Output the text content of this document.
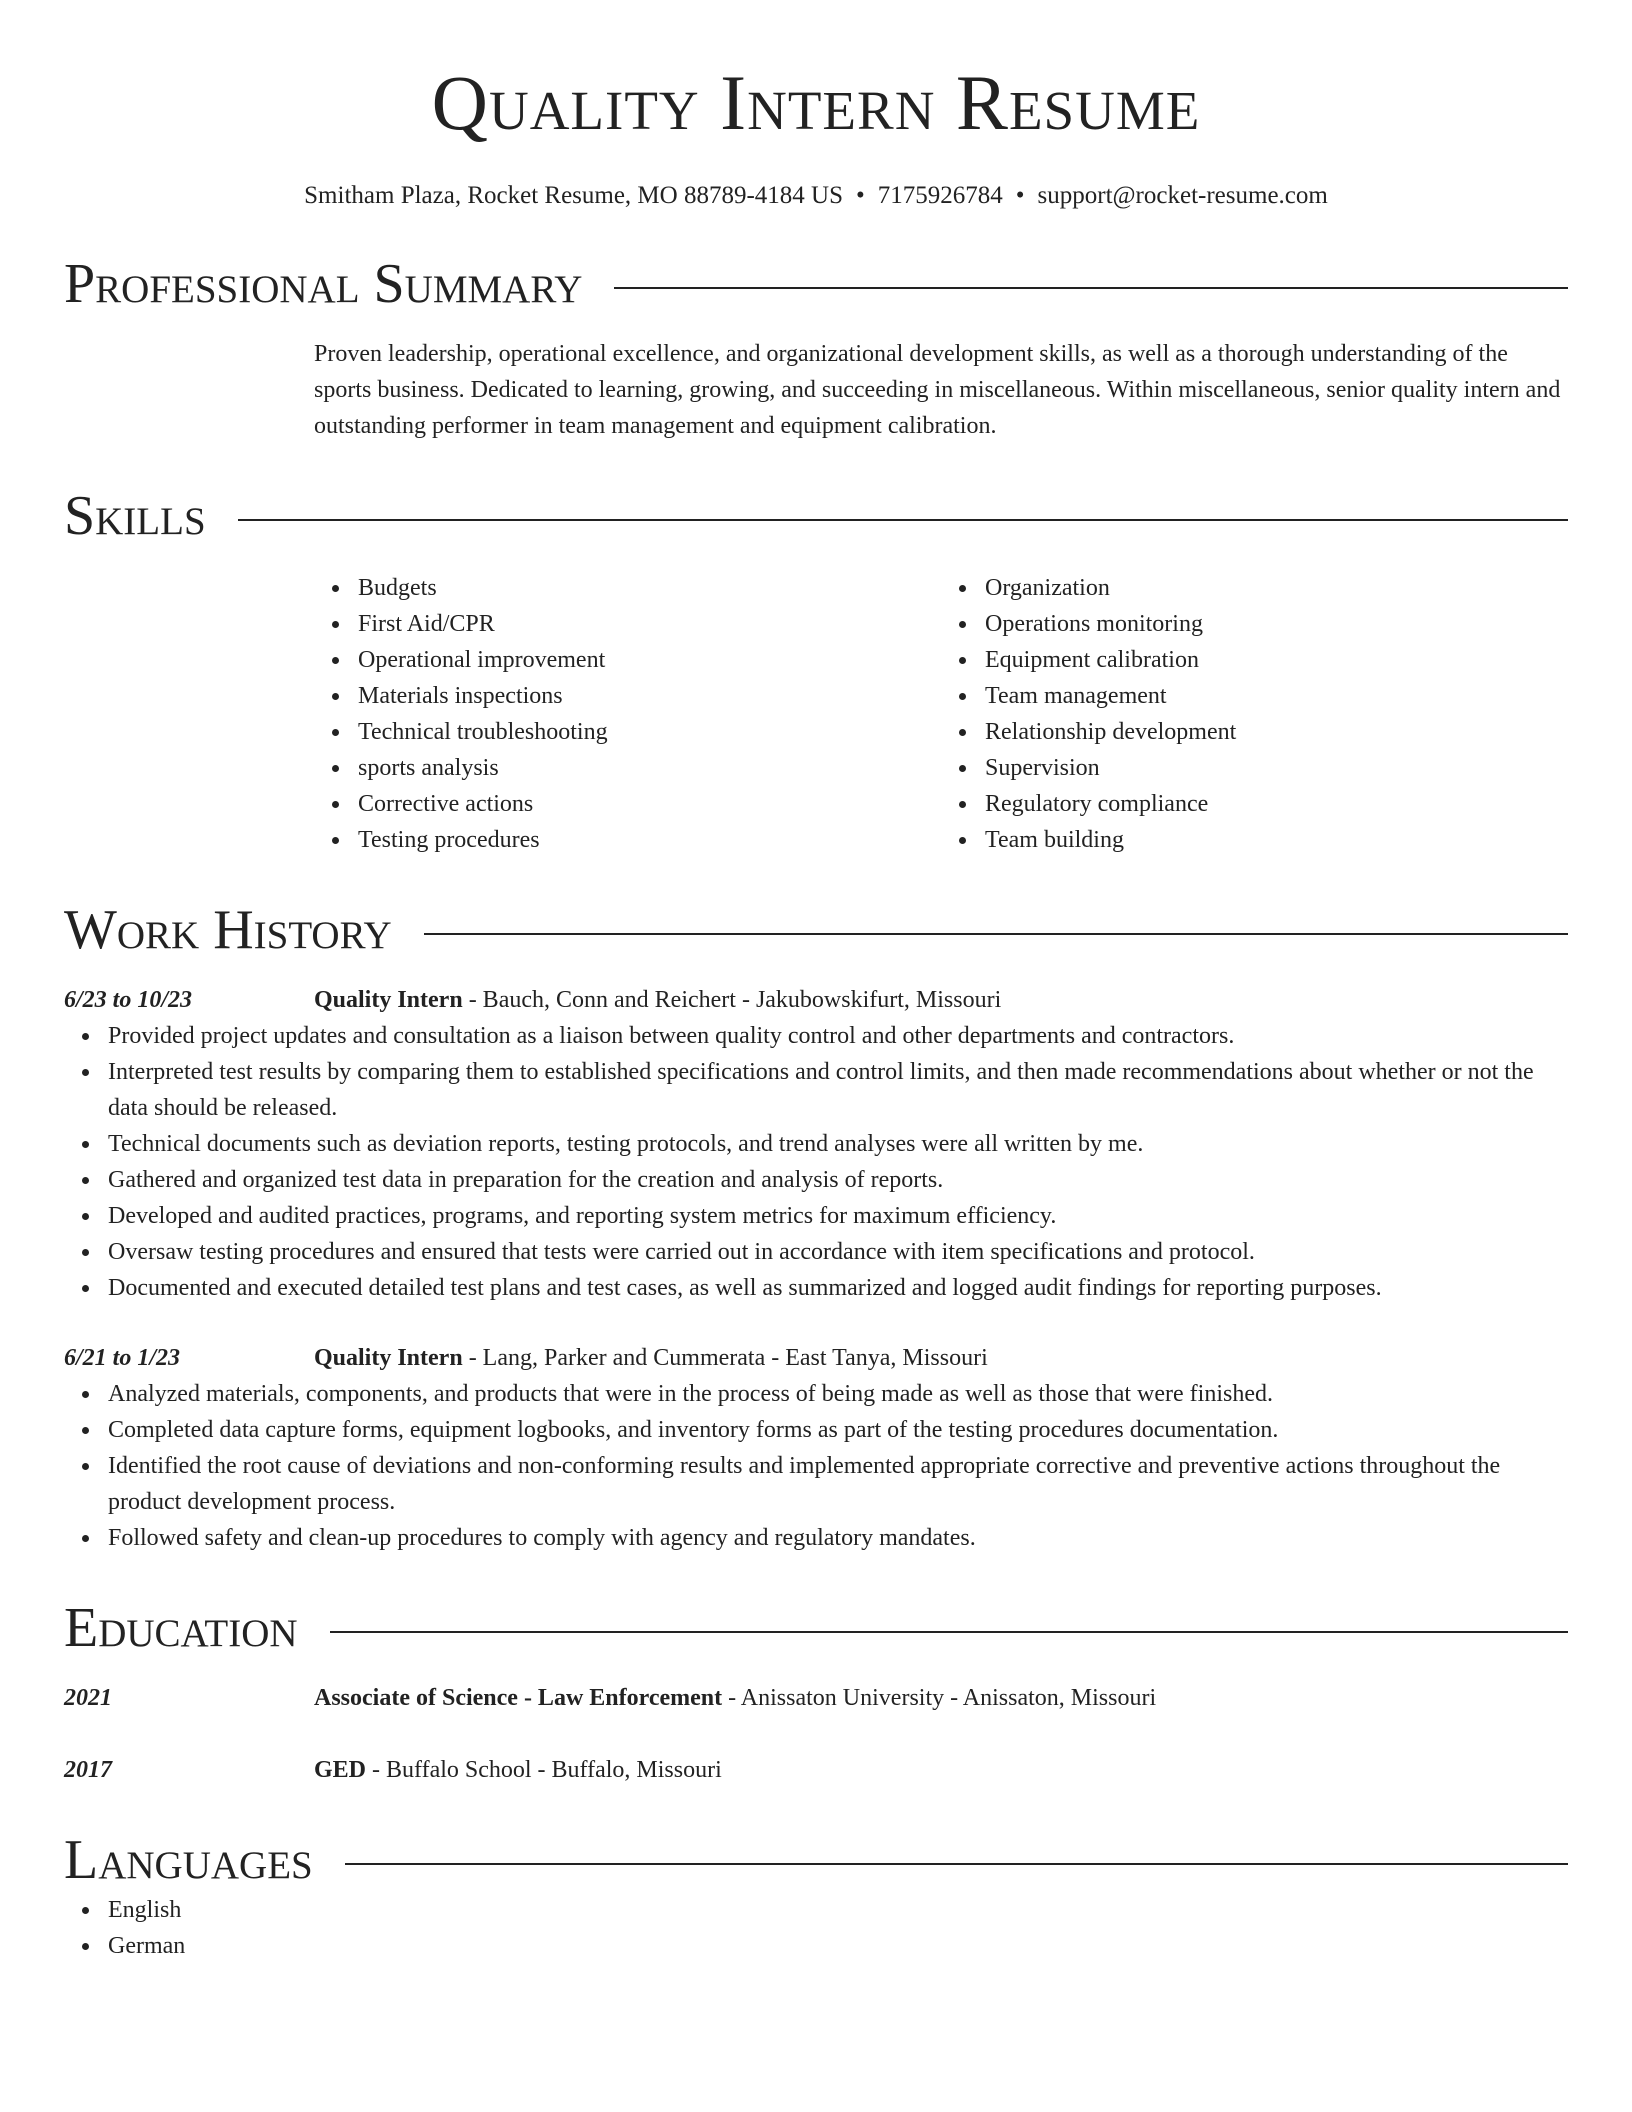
Quality Intern Resume
Smitham Plaza, Rocket Resume, MO 88789-4184 US • 7175926784 • support@rocket-resume.com
Professional Summary
Proven leadership, operational excellence, and organizational development skills, as well as a thorough understanding of the sports business. Dedicated to learning, growing, and succeeding in miscellaneous. Within miscellaneous, senior quality intern and outstanding performer in team management and equipment calibration.
Skills
Budgets
First Aid/CPR
Operational improvement
Materials inspections
Technical troubleshooting
sports analysis
Corrective actions
Testing procedures
Organization
Operations monitoring
Equipment calibration
Team management
Relationship development
Supervision
Regulatory compliance
Team building
Work History
6/23 to 10/23	Quality Intern - Bauch, Conn and Reichert - Jakubowskifurt, Missouri
Provided project updates and consultation as a liaison between quality control and other departments and contractors.
Interpreted test results by comparing them to established specifications and control limits, and then made recommendations about whether or not the data should be released.
Technical documents such as deviation reports, testing protocols, and trend analyses were all written by me.
Gathered and organized test data in preparation for the creation and analysis of reports.
Developed and audited practices, programs, and reporting system metrics for maximum efficiency.
Oversaw testing procedures and ensured that tests were carried out in accordance with item specifications and protocol.
Documented and executed detailed test plans and test cases, as well as summarized and logged audit findings for reporting purposes.
6/21 to 1/23	Quality Intern - Lang, Parker and Cummerata - East Tanya, Missouri
Analyzed materials, components, and products that were in the process of being made as well as those that were finished.
Completed data capture forms, equipment logbooks, and inventory forms as part of the testing procedures documentation.
Identified the root cause of deviations and non-conforming results and implemented appropriate corrective and preventive actions throughout the product development process.
Followed safety and clean-up procedures to comply with agency and regulatory mandates.
Education
2021	Associate of Science - Law Enforcement - Anissaton University - Anissaton, Missouri
2017	GED - Buffalo School - Buffalo, Missouri
Languages
English
German
